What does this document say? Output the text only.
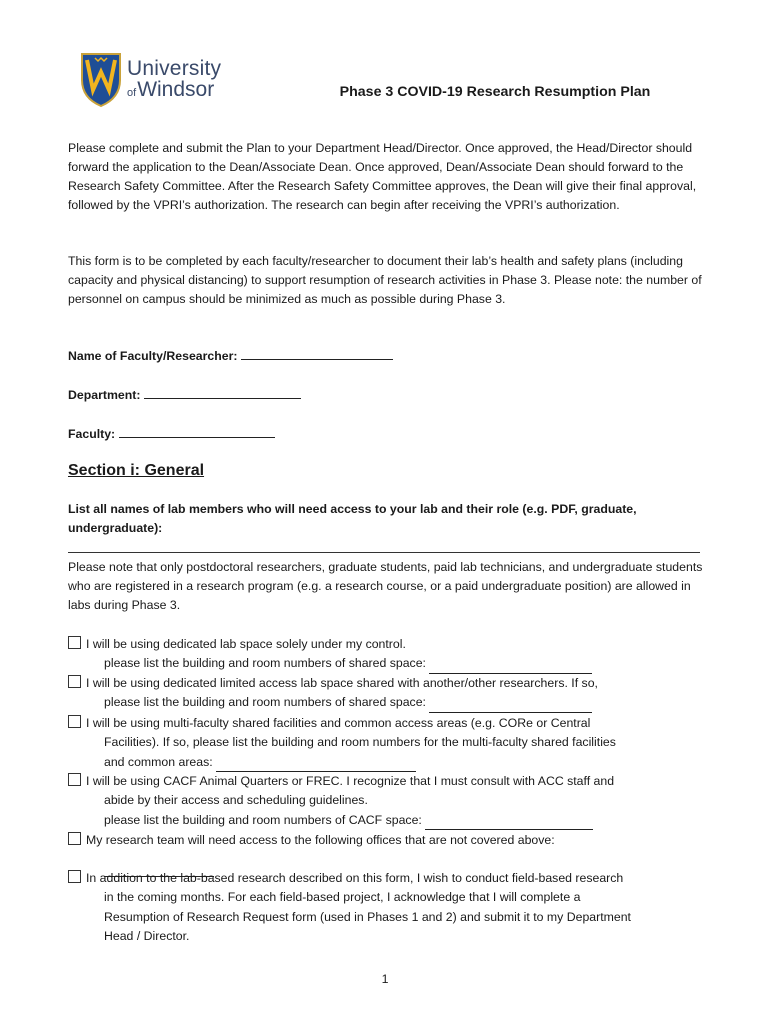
University
ofWindsor	Phase 3 COVID-19 Research Resumption Plan

Please complete and submit the Plan to your Department Head/Director. Once approved, the Head/Director should forward the application to the Dean/Associate Dean. Once approved, Dean/Associate Dean should forward to the Research Safety Committee. After the Research Safety Committee approves, the Dean will give their final approval, followed by the VPRI’s authorization. The research can begin after receiving the VPRI’s authorization.

This form is to be completed by each faculty/researcher to document their lab’s health and safety plans (including capacity and physical distancing) to support resumption of research activities in Phase 3. Please note: the number of personnel on campus should be minimized as much as possible during Phase 3.

Name of Faculty/Researcher:
Department:
Faculty:
Section i: General
List all names of lab members who will need access to your lab and their role (e.g. PDF, graduate, undergraduate):

Please note that only postdoctoral researchers, graduate students, paid lab technicians, and undergraduate students who are registered in a research program (e.g. a research course, or a paid undergraduate position) are allowed in labs during Phase 3.

I will be using dedicated lab space solely under my control.
please list the building and room numbers of shared space:
I will be using dedicated limited access lab space shared with another/other researchers. If so,
please list the building and room numbers of shared space:
I will be using multi-faculty shared facilities and common access areas (e.g. CORe or Central
Facilities). If so, please list the building and room numbers for the multi-faculty shared facilities
and common areas:
I will be using CACF Animal Quarters or FREC. I recognize that I must consult with ACC staff and
abide by their access and scheduling guidelines.
please list the building and room numbers of CACF space:
My research team will need access to the following offices that are not covered above:
In addition to the lab-based research described on this form, I wish to conduct field-based research
in the coming months. For each field-based project, I acknowledge that I will complete a
Resumption of Research Request form (used in Phases 1 and 2) and submit it to my Department
Head / Director.
1
